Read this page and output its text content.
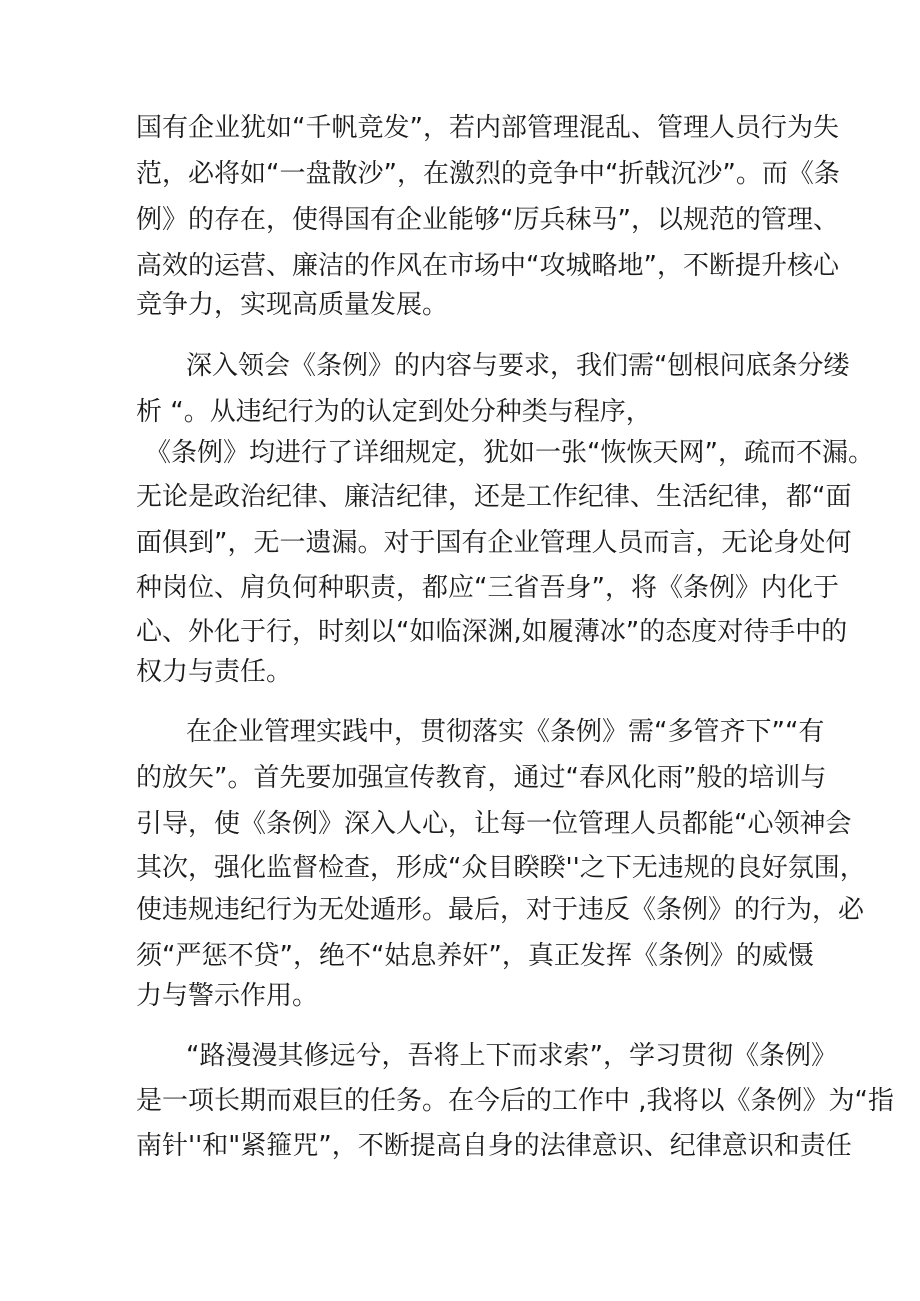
国有企业犹如“千帆竞发”，若内部管理混乱、管理人员行为失
范，必将如“一盘散沙”，在激烈的竞争中“折戟沉沙”。而《条
例》的存在，使得国有企业能够“厉兵秣马”，以规范的管理、
高效的运营、廉洁的作风在市场中“攻城略地”，不断提升核心
竞争力，实现高质量发展。
深入领会《条例》的内容与要求，我们需“刨根问底条分缕
析 “。从违纪行为的认定到处分种类与程序，
《条例》均进行了详细规定，犹如一张“恢恢天网”，疏而不漏。
无论是政治纪律、廉洁纪律，还是工作纪律、生活纪律，都“面
面俱到”，无一遗漏。对于国有企业管理人员而言，无论身处何
种岗位、肩负何种职责，都应“三省吾身”，将《条例》内化于
心、外化于行，时刻以“如临深渊,如履薄冰”的态度对待手中的
权力与责任。
在企业管理实践中，贯彻落实《条例》需“多管齐下”“有
的放矢”。首先要加强宣传教育，通过“春风化雨”般的培训与
引导，使《条例》深入人心，让每一位管理人员都能“心领神会
其次，强化监督检查，形成“众目睽睽''之下无违规的良好氛围，
使违规违纪行为无处遁形。最后，对于违反《条例》的行为，必
须“严惩不贷”，绝不“姑息养奸”，真正发挥《条例》的威慑
力与警示作用。
“路漫漫其修远兮，吾将上下而求索”，学习贯彻《条例》
是一项长期而艰巨的任务。在今后的工作中 ,我将以《条例》为“指
南针''和"紧箍咒”，不断提高自身的法律意识、纪律意识和责任
